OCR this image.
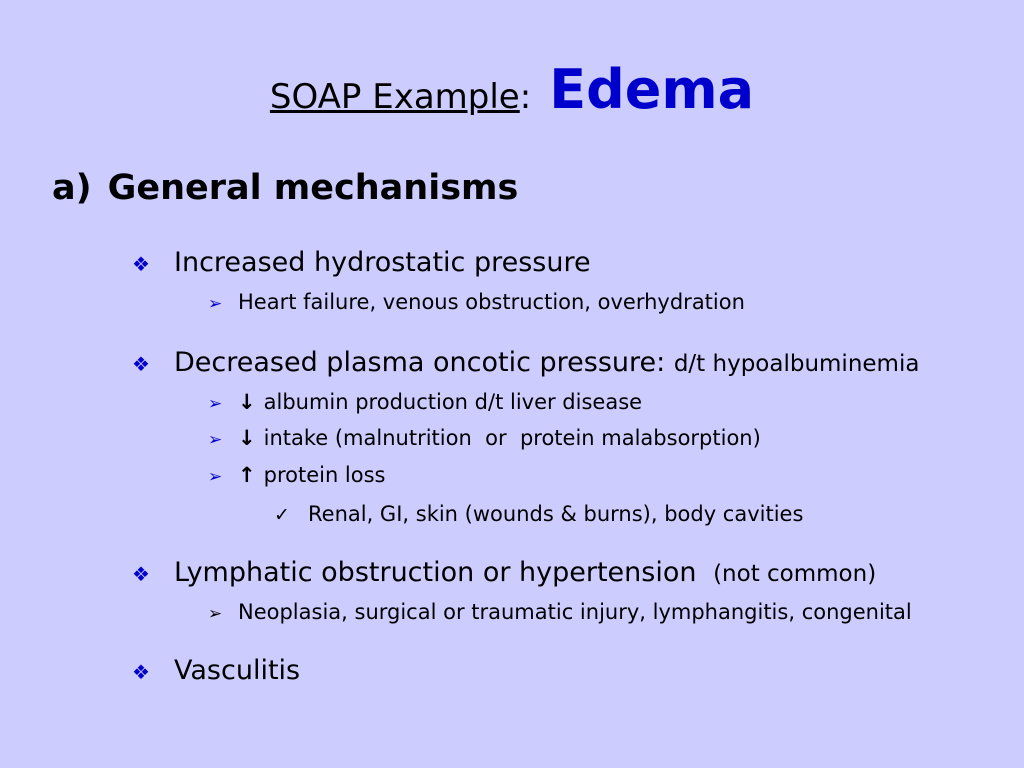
SOAP Example: Edema
a) General mechanisms
❖ Increased hydrostatic pressure
➢ Heart failure, venous obstruction, overhydration
❖ Decreased plasma oncotic pressure: d/t hypoalbuminemia
➢ ↓ albumin production d/t liver disease
➢ ↓ intake (malnutrition  or  protein malabsorption)
➢ ↑ protein loss
✓ Renal, GI, skin (wounds & burns), body cavities
❖ Lymphatic obstruction or hypertension (not common)
➢ Neoplasia, surgical or traumatic injury, lymphangitis, congenital
❖ Vasculitis
